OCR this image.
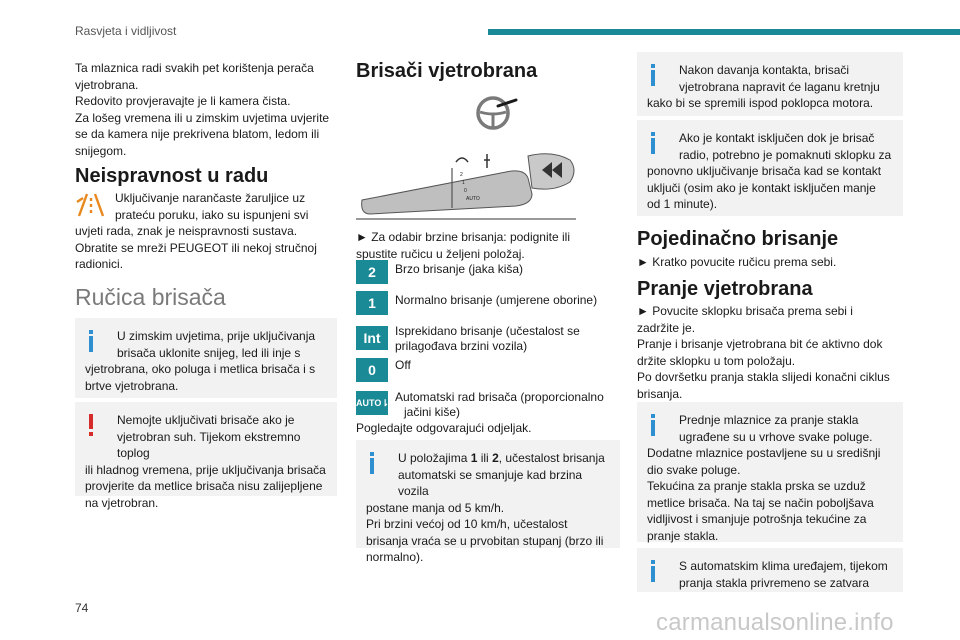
Rasvjeta i vidljivost

Ta mlaznica radi svakih pet korištenja perača

vjetrobrana.

Redovito provjeravajte je li kamera čista.

Za lošeg vremena ili u zimskim uvjetima uvjerite

se da kamera nije prekrivena blatom, ledom ili

snijegom.

Neispravnost u radu

Uključivanje narančaste žaruljice uz

prateću poruku, iako su ispunjeni svi

uvjeti rada, znak je neispravnosti sustava.

Obratite se mreži PEUGEOT ili nekoj stručnoj

radionici.

Ručica brisača

U zimskim uvjetima, prije uključivanja

brisača uklonite snijeg, led ili inje s

vjetrobrana, oko poluga i metlica brisača i s

brtve vjetrobrana.

Nemojte uključivati brisače ako je

vjetrobran suh. Tijekom ekstremno toplog

ili hladnog vremena, prije uključivanja brisača

provjerite da metlice brisača nisu zalijepljene

na vjetrobran.

Brisači vjetrobrana
2
1
0
AUTO

► Za odabir brzine brisanja: podignite ili

spustite ručicu u željeni položaj.

2	Brzo brisanje (jaka kiša)
1	Normalno brisanje (umjerene oborine)
Int	Isprekidano brisanje (učestalost se
prilagođava brzini vozila)
0	Off
AUTO⇂ Automatski rad brisača (proporcionalno
jačini kiše)

Pogledajte odgovarajući odjeljak.

U položajima 1 ili 2, učestalost brisanja

automatski se smanjuje kad brzina vozila

postane manja od 5 km/h.

Pri brzini većoj od 10 km/h, učestalost

brisanja vraća se u prvobitan stupanj (brzo ili

normalno).

Nakon davanja kontakta, brisači

vjetrobrana napravit će laganu kretnju

kako bi se spremili ispod poklopca motora.

Ako je kontakt isključen dok je brisač

radio, potrebno je pomaknuti sklopku za

ponovno uključivanje brisača kad se kontakt

uključi (osim ako je kontakt isključen manje

od 1 minute).

Pojedinačno brisanje

► Kratko povucite ručicu prema sebi.

Pranje vjetrobrana

► Povucite sklopku brisača prema sebi i

zadržite je.

Pranje i brisanje vjetrobrana bit će aktivno dok

držite sklopku u tom položaju.

Po dovršetku pranja stakla slijedi konačni ciklus

brisanja.

Prednje mlaznice za pranje stakla

ugrađene su u vrhove svake poluge.

Dodatne mlaznice postavljene su u središnji

dio svake poluge.

Tekućina za pranje stakla prska se uzduž

metlice brisača. Na taj se način poboljšava

vidljivost i smanjuje potrošnja tekućine za

pranje stakla.

S automatskim klima uređajem, tijekom

pranja stakla privremeno se zatvara

74
carmanualsonline.info
